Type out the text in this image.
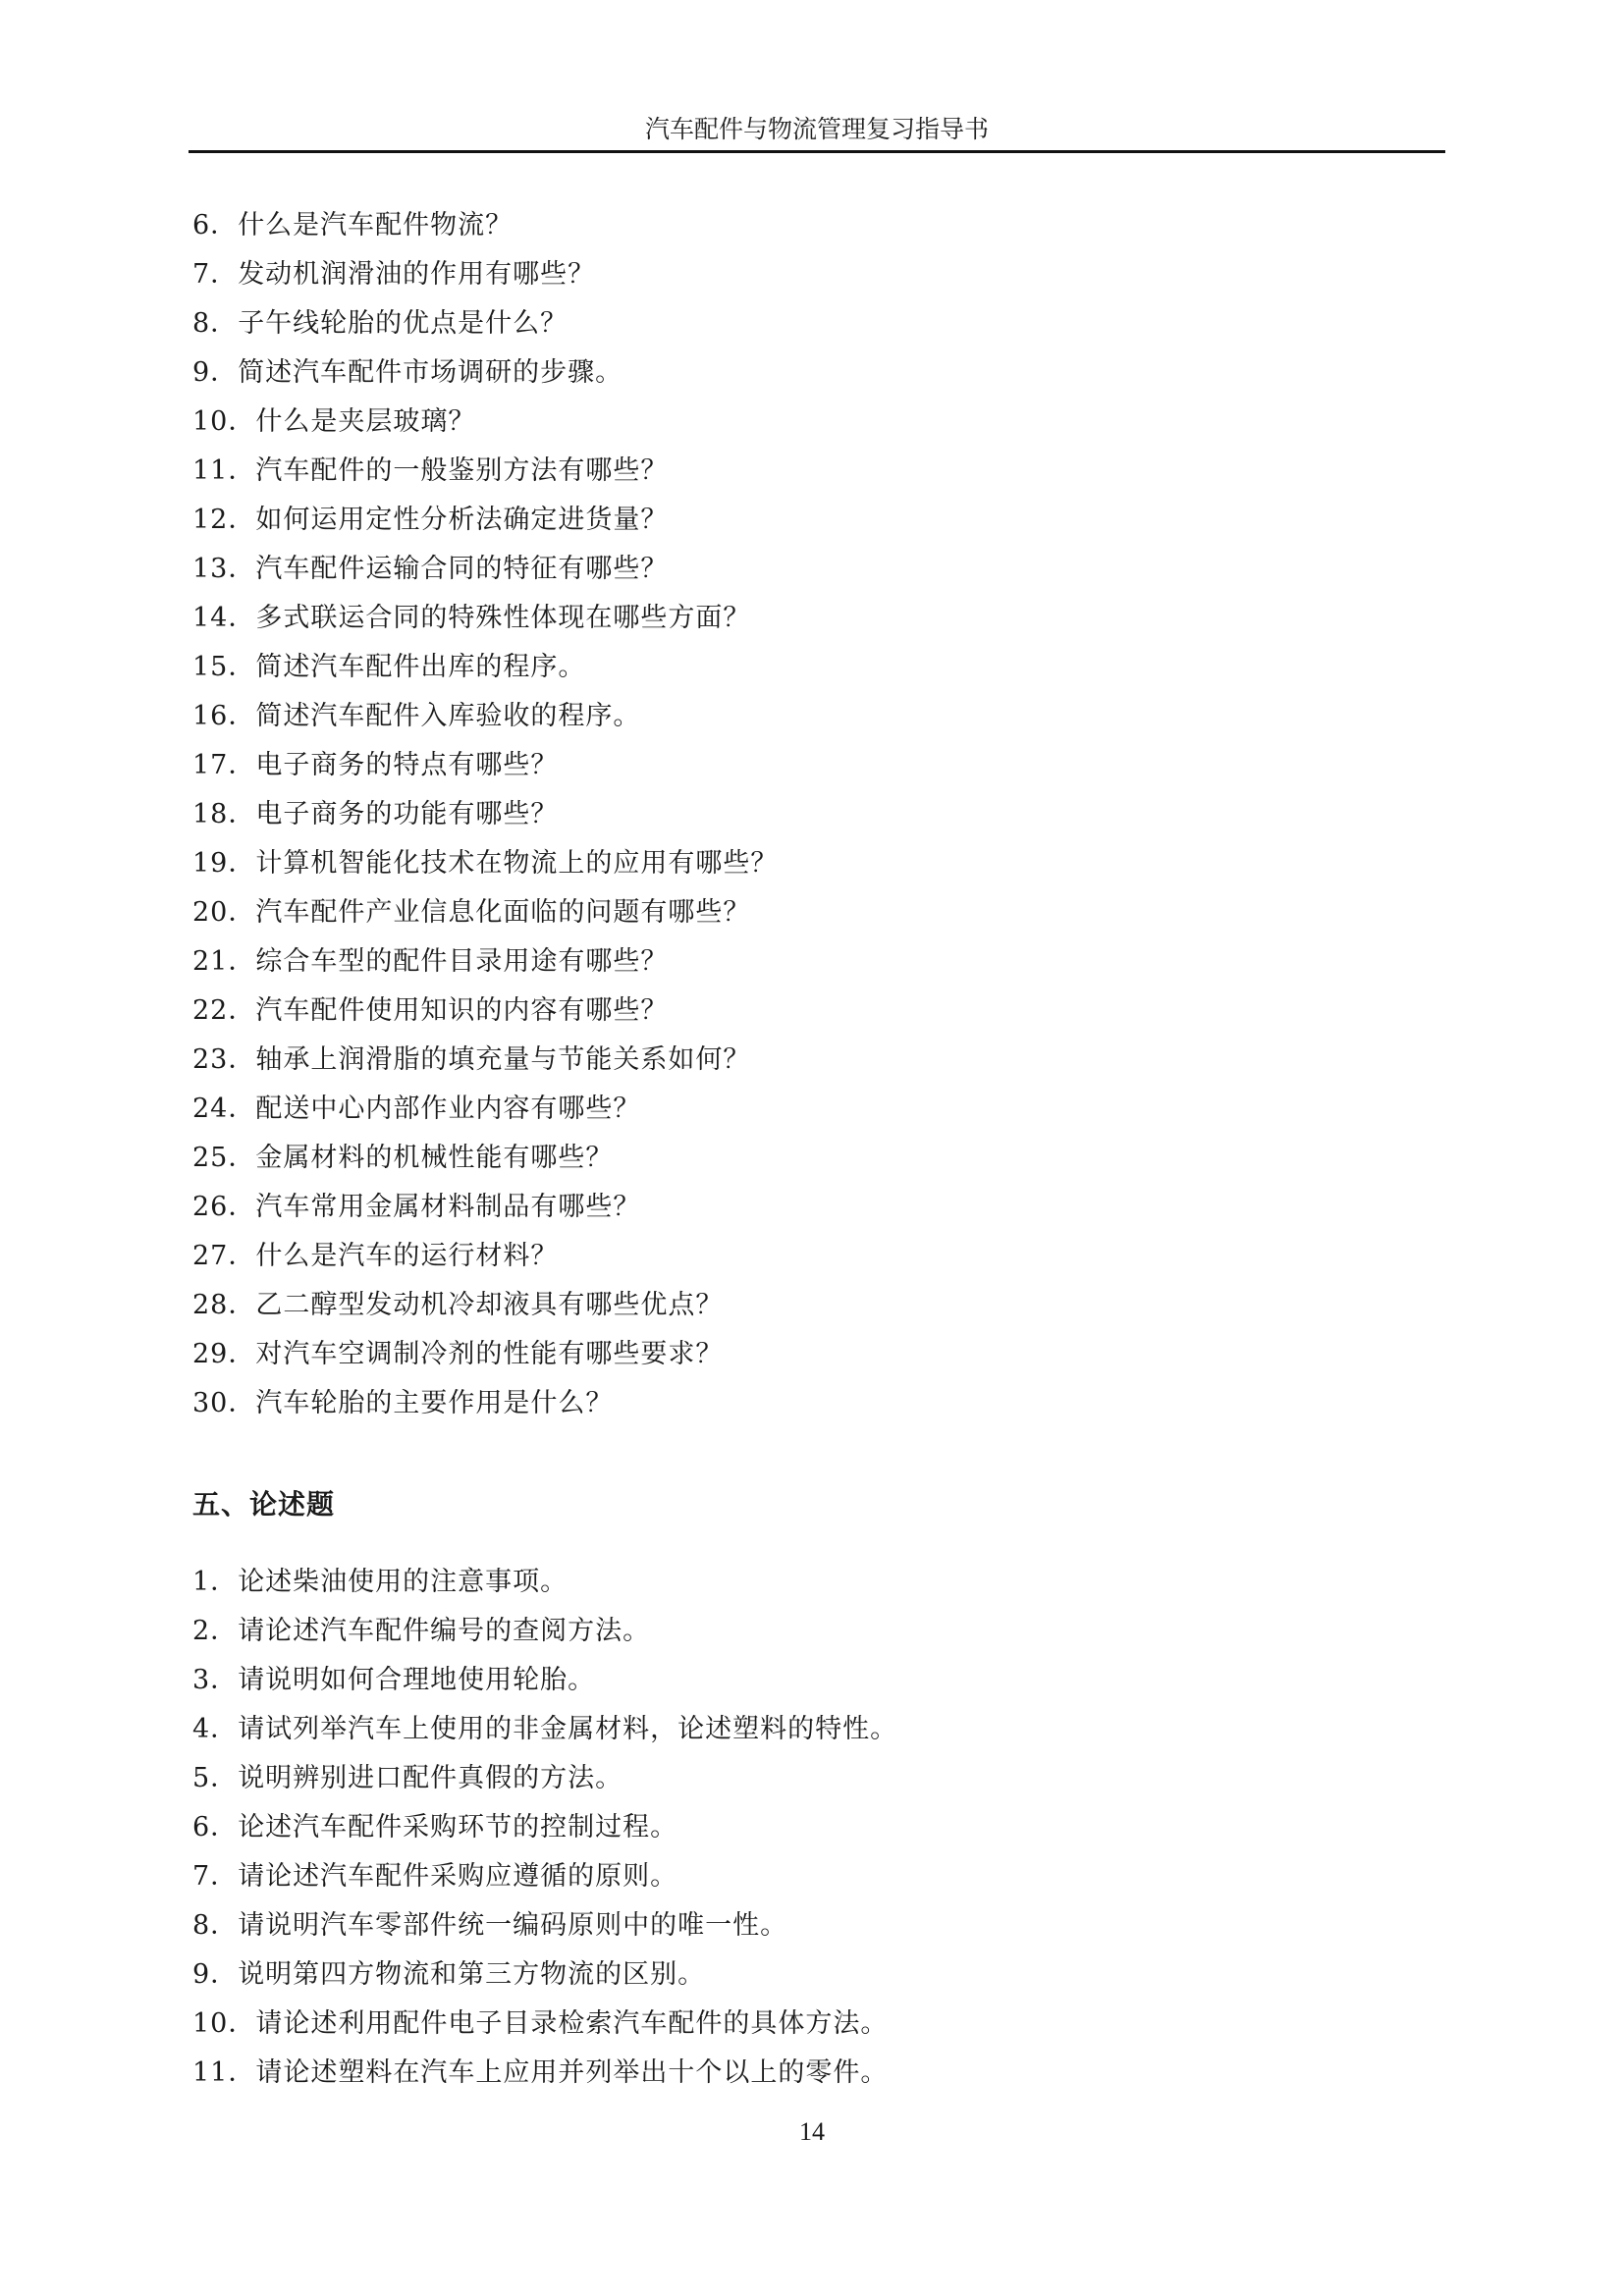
汽车配件与物流管理复习指导书
6．什么是汽车配件物流？
7．发动机润滑油的作用有哪些？
8．子午线轮胎的优点是什么？
9．简述汽车配件市场调研的步骤。
10．什么是夹层玻璃？
11．汽车配件的一般鉴别方法有哪些？
12．如何运用定性分析法确定进货量？
13．汽车配件运输合同的特征有哪些？
14．多式联运合同的特殊性体现在哪些方面？
15．简述汽车配件出库的程序。
16．简述汽车配件入库验收的程序。
17．电子商务的特点有哪些？
18．电子商务的功能有哪些？
19．计算机智能化技术在物流上的应用有哪些？
20．汽车配件产业信息化面临的问题有哪些？
21．综合车型的配件目录用途有哪些？
22．汽车配件使用知识的内容有哪些？
23．轴承上润滑脂的填充量与节能关系如何？
24．配送中心内部作业内容有哪些？
25．金属材料的机械性能有哪些？
26．汽车常用金属材料制品有哪些？
27．什么是汽车的运行材料？
28．乙二醇型发动机冷却液具有哪些优点？
29．对汽车空调制冷剂的性能有哪些要求？
30．汽车轮胎的主要作用是什么？
五、论述题
1．论述柴油使用的注意事项。
2．请论述汽车配件编号的查阅方法。
3．请说明如何合理地使用轮胎。
4．请试列举汽车上使用的非金属材料，论述塑料的特性。
5．说明辨别进口配件真假的方法。
6．论述汽车配件采购环节的控制过程。
7．请论述汽车配件采购应遵循的原则。
8．请说明汽车零部件统一编码原则中的唯一性。
9．说明第四方物流和第三方物流的区别。
10．请论述利用配件电子目录检索汽车配件的具体方法。
11．请论述塑料在汽车上应用并列举出十个以上的零件。
14
